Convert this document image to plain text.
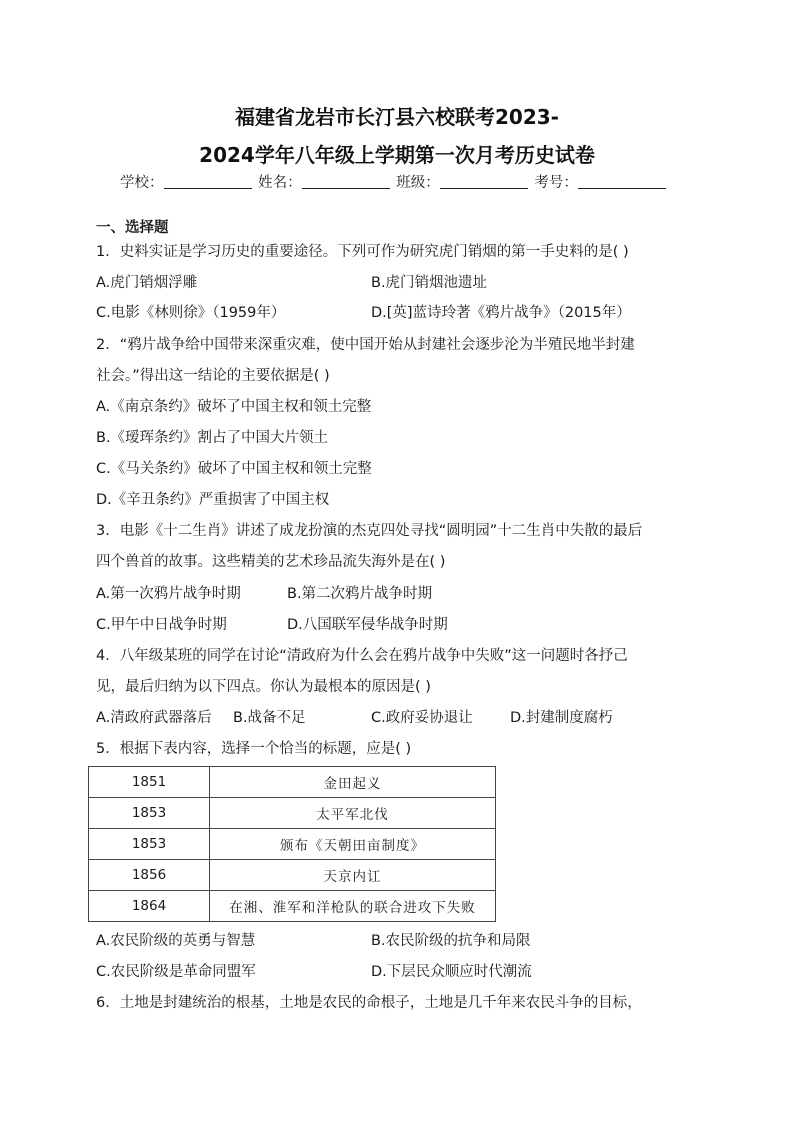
福建省龙岩市长汀县六校联考2023-
2024学年八年级上学期第一次月考历史试卷
学校：	姓名：	班级：	考号：
一、选择题
1．史料实证是学习历史的重要途径。下列可作为研究虎门销烟的第一手史料的是( )
A.虎门销烟浮雕	B.虎门销烟池遗址
C.电影《林则徐》（1959年）	D.[英]蓝诗玲著《鸦片战争》（2015年）
2．“鸦片战争给中国带来深重灾难，使中国开始从封建社会逐步沦为半殖民地半封建
社会。”得出这一结论的主要依据是( )
A.《南京条约》破坏了中国主权和领土完整
B.《瑷珲条约》割占了中国大片领土
C.《马关条约》破坏了中国主权和领土完整
D.《辛丑条约》严重损害了中国主权
3．电影《十二生肖》讲述了成龙扮演的杰克四处寻找“圆明园”十二生肖中失散的最后
四个兽首的故事。这些精美的艺术珍品流失海外是在( )
A.第一次鸦片战争时期	B.第二次鸦片战争时期
C.甲午中日战争时期	D.八国联军侵华战争时期
4．八年级某班的同学在讨论“清政府为什么会在鸦片战争中失败”这一问题时各抒己
见，最后归纳为以下四点。你认为最根本的原因是( )
A.清政府武器落后 B.战备不足	C.政府妥协退让	D.封建制度腐朽
5．根据下表内容，选择一个恰当的标题，应是( )
1851	金田起义
1853	太平军北伐
1853	颁布《天朝田亩制度》
1856	天京内讧
1864	在湘、淮军和洋枪队的联合进攻下失败
A.农民阶级的英勇与智慧	B.农民阶级的抗争和局限
C.农民阶级是革命同盟军	D.下层民众顺应时代潮流
6．土地是封建统治的根基，土地是农民的命根子，土地是几千年来农民斗争的目标，
